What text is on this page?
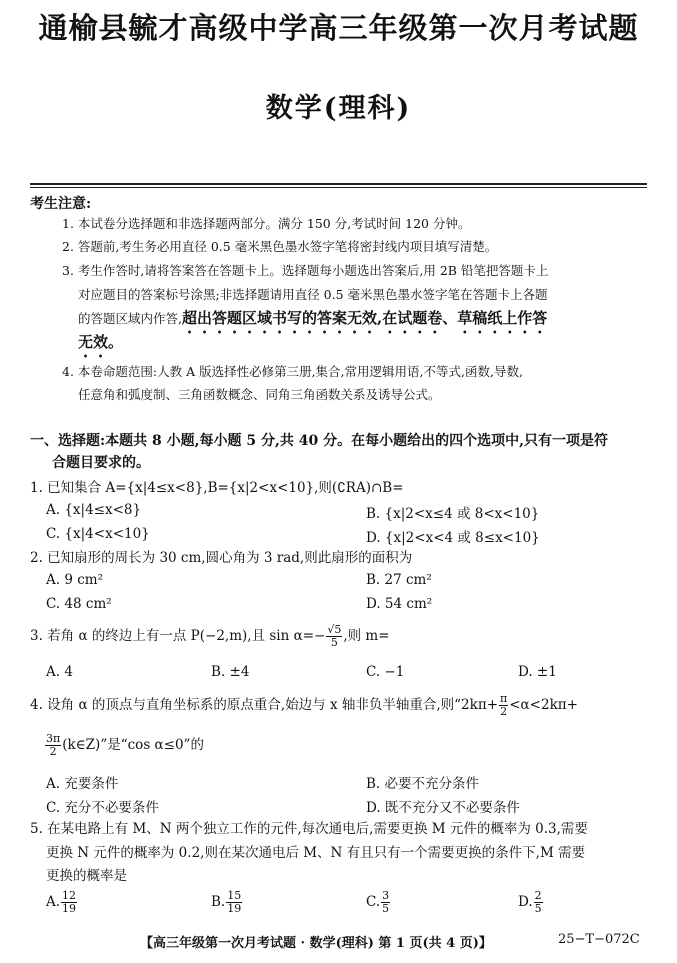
通榆县毓才高级中学高三年级第一次月考试题
数学(理科)
考生注意:
1. 本试卷分选择题和非选择题两部分。满分 150 分,考试时间 120 分钟。
2. 答题前,考生务必用直径 0.5 毫米黑色墨水签字笔将密封线内项目填写清楚。
3. 考生作答时,请将答案答在答题卡上。选择题每小题选出答案后,用 2B 铅笔把答题卡上
对应题目的答案标号涂黑;非选择题请用直径 0.5 毫米黑色墨水签字笔在答题卡上各题
的答题区域内作答,超出答题区域书写的答案无效,在试题卷、草稿纸上作答
无效。
4. 本卷命题范围:人教 A 版选择性必修第三册,集合,常用逻辑用语,不等式,函数,导数,
任意角和弧度制、三角函数概念、同角三角函数关系及诱导公式。
一、选择题:本题共 8 小题,每小题 5 分,共 40 分。在每小题给出的四个选项中,只有一项是符
合题目要求的。
1. 已知集合 A={x|4≤x<8},B={x|2<x<10},则(∁RA)∩B=
A. {x|4≤x<8}	B. {x|2<x≤4 或 8<x<10}
C. {x|4<x<10}	D. {x|2<x<4 或 8≤x<10}
2. 已知扇形的周长为 30 cm,圆心角为 3 rad,则此扇形的面积为
A. 9 cm²	B. 27 cm²
C. 48 cm²	D. 54 cm²
3. 若角 α 的终边上有一点 P(−2,m),且 $\sin \alpha=- \frac{√5}{5}$ ,则 m=
A. 4	B. ±4	C. −1	D. ±1
4. 设角 α 的顶点与直角坐标系的原点重合,始边与 x 轴非负半轴重合,则“$2k\pi+ \frac{\pi}{2} <\alpha<2k\pi+$
$\frac{3\pi}{2}$ (k∈Z)”是“cos α≤0”的
A. 充要条件	B. 必要不充分条件
C. 充分不必要条件	D. 既不充分又不必要条件
5. 在某电路上有 M、N 两个独立工作的元件,每次通电后,需要更换 M 元件的概率为 0.3,需要
更换 N 元件的概率为 0.2,则在某次通电后 M、N 有且只有一个需要更换的条件下,M 需要
更换的概率是
A. $\frac{12}{19}$	B. $\frac{15}{19}$	C. $\frac{3}{5}$	D. $\frac{2}{5}$
【高三年级第一次月考试题 · 数学(理科) 第 1 页(共 4 页)】	25−T−072C
